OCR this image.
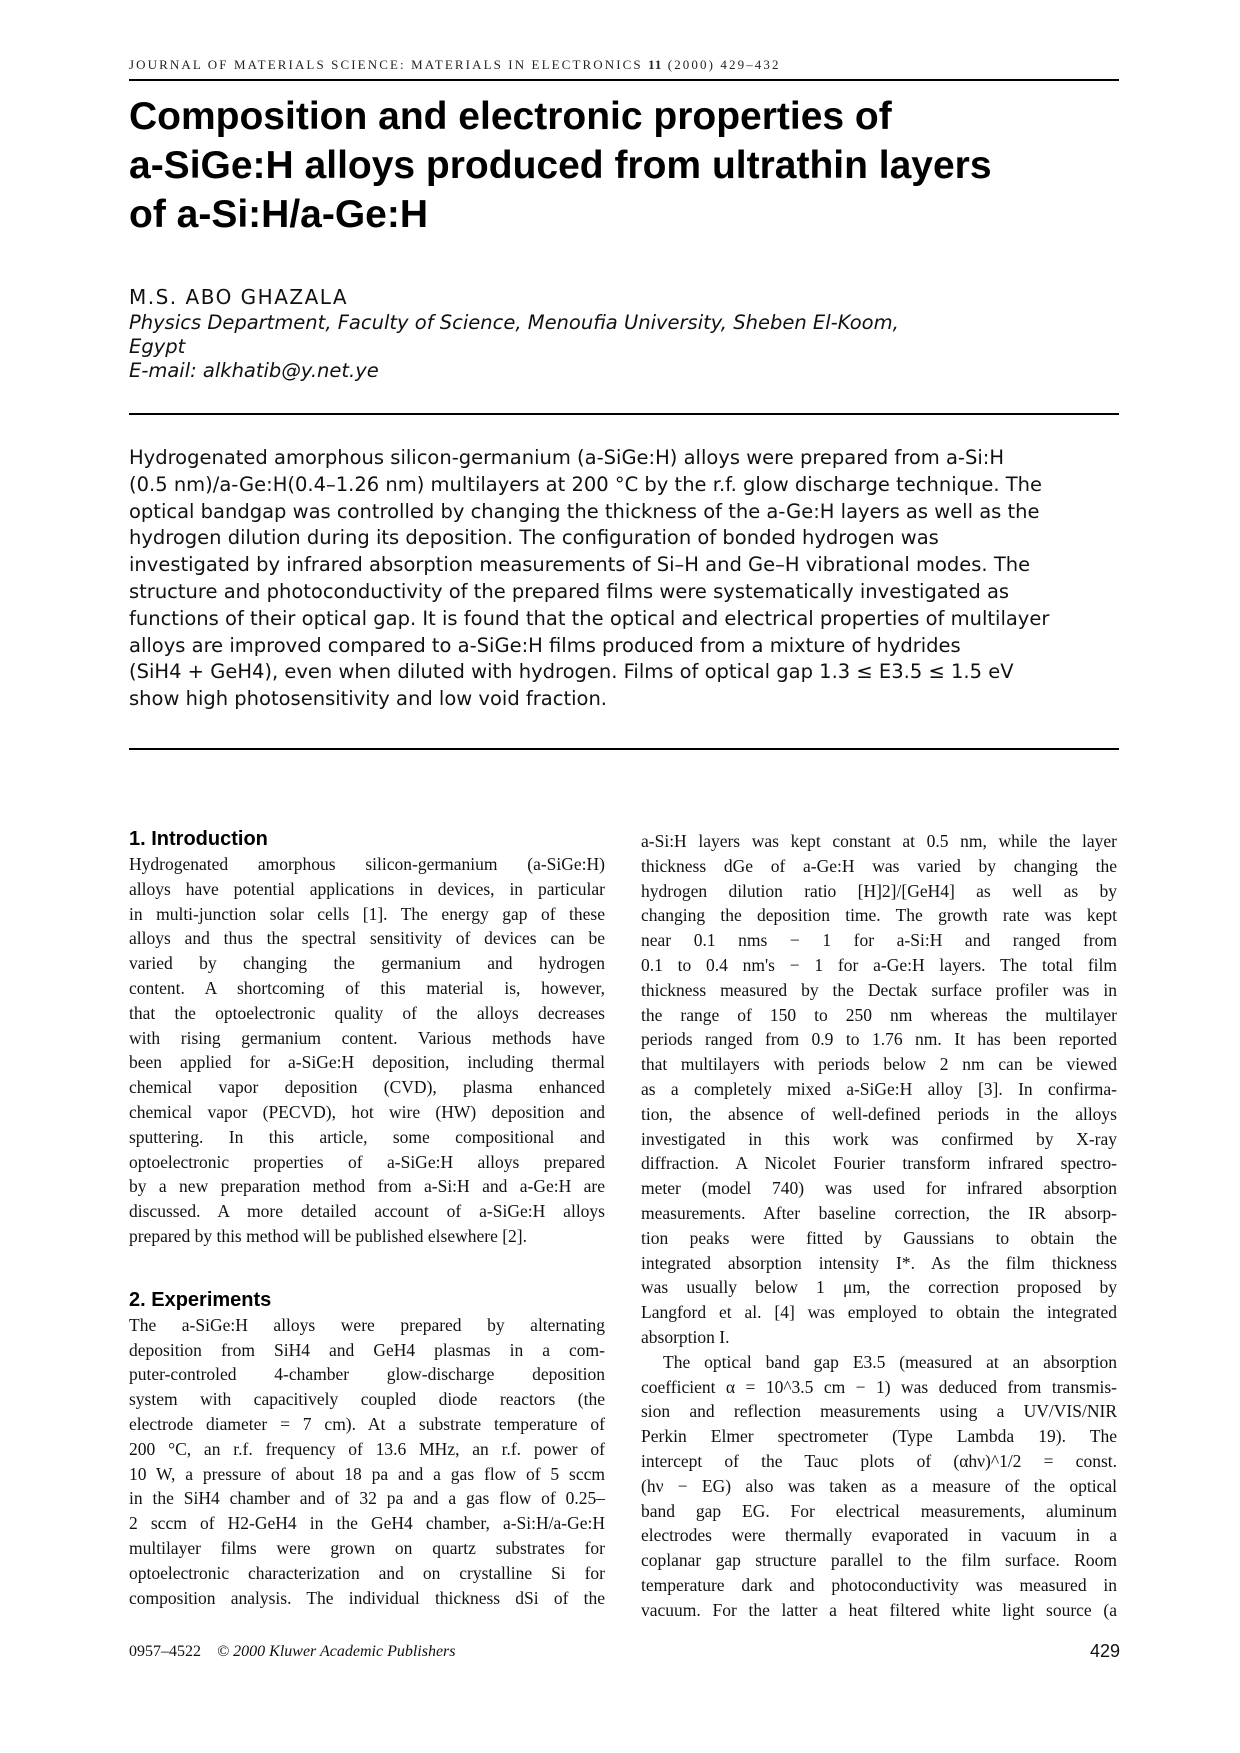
JOURNAL OF MATERIALS SCIENCE: MATERIALS IN ELECTRONICS 11 (2000) 429–432
Composition and electronic properties of
a-SiGe:H alloys produced from ultrathin layers
of a-Si:H/a-Ge:H
M.S. ABO GHAZALA
Physics Department, Faculty of Science, Menoufia University, Sheben El-Koom,
Egypt
E-mail: alkhatib@y.net.ye
Hydrogenated amorphous silicon-germanium (a-SiGe:H) alloys were prepared from a-Si:H
(0.5 nm)/a-Ge:H(0.4–1.26 nm) multilayers at 200 °C by the r.f. glow discharge technique. The
optical bandgap was controlled by changing the thickness of the a-Ge:H layers as well as the
hydrogen dilution during its deposition. The configuration of bonded hydrogen was
investigated by infrared absorption measurements of Si–H and Ge–H vibrational modes. The
structure and photoconductivity of the prepared films were systematically investigated as
functions of their optical gap. It is found that the optical and electrical properties of multilayer
alloys are improved compared to a-SiGe:H films produced from a mixture of hydrides
(SiH4 + GeH4), even when diluted with hydrogen. Films of optical gap 1.3 ≤ E3.5 ≤ 1.5 eV
show high photosensitivity and low void fraction.
1. Introduction
Hydrogenated amorphous silicon-germanium (a-SiGe:H)
alloys have potential applications in devices, in particular
in multi-junction solar cells [1]. The energy gap of these
alloys and thus the spectral sensitivity of devices can be
varied by changing the germanium and hydrogen
content. A shortcoming of this material is, however,
that the optoelectronic quality of the alloys decreases
with rising germanium content. Various methods have
been applied for a-SiGe:H deposition, including thermal
chemical vapor deposition (CVD), plasma enhanced
chemical vapor (PECVD), hot wire (HW) deposition and
sputtering. In this article, some compositional and
optoelectronic properties of a-SiGe:H alloys prepared
by a new preparation method from a-Si:H and a-Ge:H are
discussed. A more detailed account of a-SiGe:H alloys
prepared by this method will be published elsewhere [2].
2. Experiments
The a-SiGe:H alloys were prepared by alternating
deposition from SiH4 and GeH4 plasmas in a com-
puter-controled 4-chamber glow-discharge deposition
system with capacitively coupled diode reactors (the
electrode diameter = 7 cm). At a substrate temperature of
200 °C, an r.f. frequency of 13.6 MHz, an r.f. power of
10 W, a pressure of about 18 pa and a gas flow of 5 sccm
in the SiH4 chamber and of 32 pa and a gas flow of 0.25–
2 sccm of H2-GeH4 in the GeH4 chamber, a-Si:H/a-Ge:H
multilayer films were grown on quartz substrates for
optoelectronic characterization and on crystalline Si for
composition analysis. The individual thickness dSi of the
a-Si:H layers was kept constant at 0.5 nm, while the layer
thickness dGe of a-Ge:H was varied by changing the
hydrogen dilution ratio [H]2]/[GeH4] as well as by
changing the deposition time. The growth rate was kept
near 0.1 nms − 1 for a-Si:H and ranged from
0.1 to 0.4 nm's − 1 for a-Ge:H layers. The total film
thickness measured by the Dectak surface profiler was in
the range of 150 to 250 nm whereas the multilayer
periods ranged from 0.9 to 1.76 nm. It has been reported
that multilayers with periods below 2 nm can be viewed
as a completely mixed a-SiGe:H alloy [3]. In confirma-
tion, the absence of well-defined periods in the alloys
investigated in this work was confirmed by X-ray
diffraction. A Nicolet Fourier transform infrared spectro-
meter (model 740) was used for infrared absorption
measurements. After baseline correction, the IR absorp-
tion peaks were fitted by Gaussians to obtain the
integrated absorption intensity I*. As the film thickness
was usually below 1 μm, the correction proposed by
Langford et al. [4] was employed to obtain the integrated
absorption I.
The optical band gap E3.5 (measured at an absorption
coefficient α = 10^3.5 cm − 1) was deduced from transmis-
sion and reflection measurements using a UV/VIS/NIR
Perkin Elmer spectrometer (Type Lambda 19). The
intercept of the Tauc plots of (αhν)^1/2 = const.
(hν − EG) also was taken as a measure of the optical
band gap EG. For electrical measurements, aluminum
electrodes were thermally evaporated in vacuum in a
coplanar gap structure parallel to the film surface. Room
temperature dark and photoconductivity was measured in
vacuum. For the latter a heat filtered white light source (a
0957–4522 © 2000 Kluwer Academic Publishers	429
